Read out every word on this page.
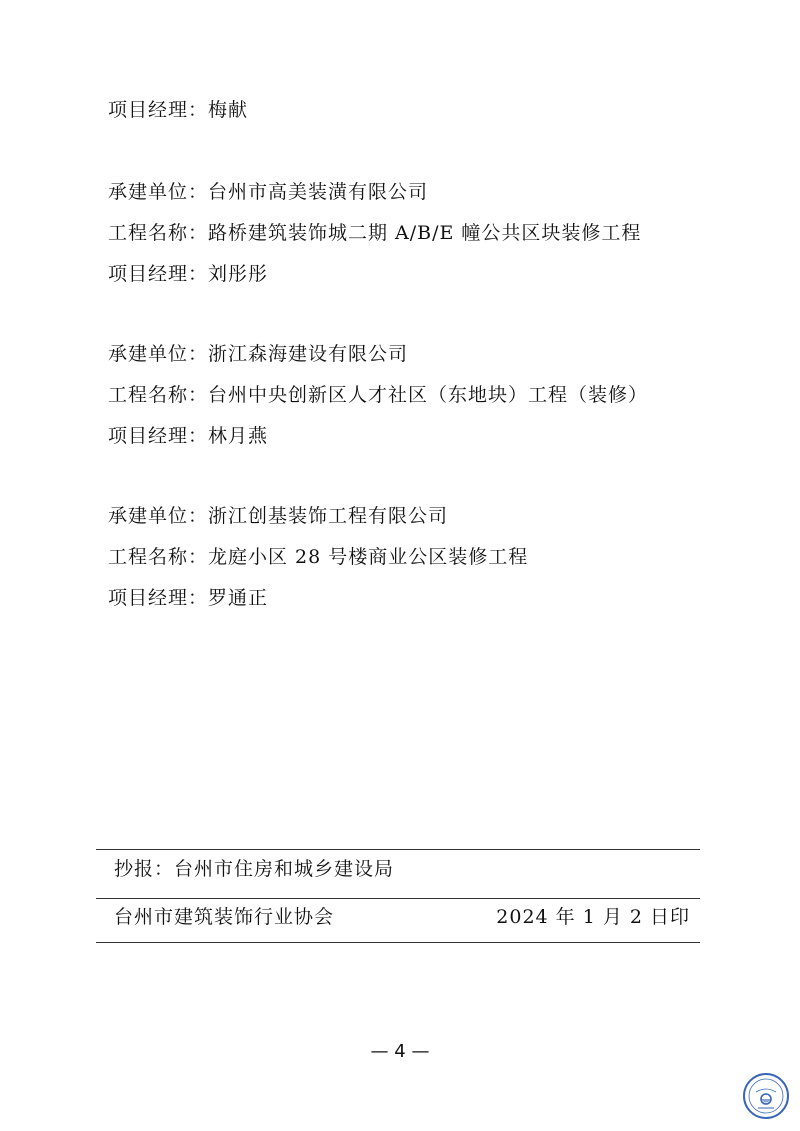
项目经理：梅献
承建单位：台州市高美装潢有限公司
工程名称：路桥建筑装饰城二期 A/B/E 幢公共区块装修工程
项目经理：刘彤彤
承建单位：浙江森海建设有限公司
工程名称：台州中央创新区人才社区（东地块）工程（装修）
项目经理：林月燕
承建单位：浙江创基装饰工程有限公司
工程名称：龙庭小区 28 号楼商业公区装修工程
项目经理：罗通正
抄报：台州市住房和城乡建设局
台州市建筑装饰行业协会	2024 年 1 月 2 日印
— 4 —
